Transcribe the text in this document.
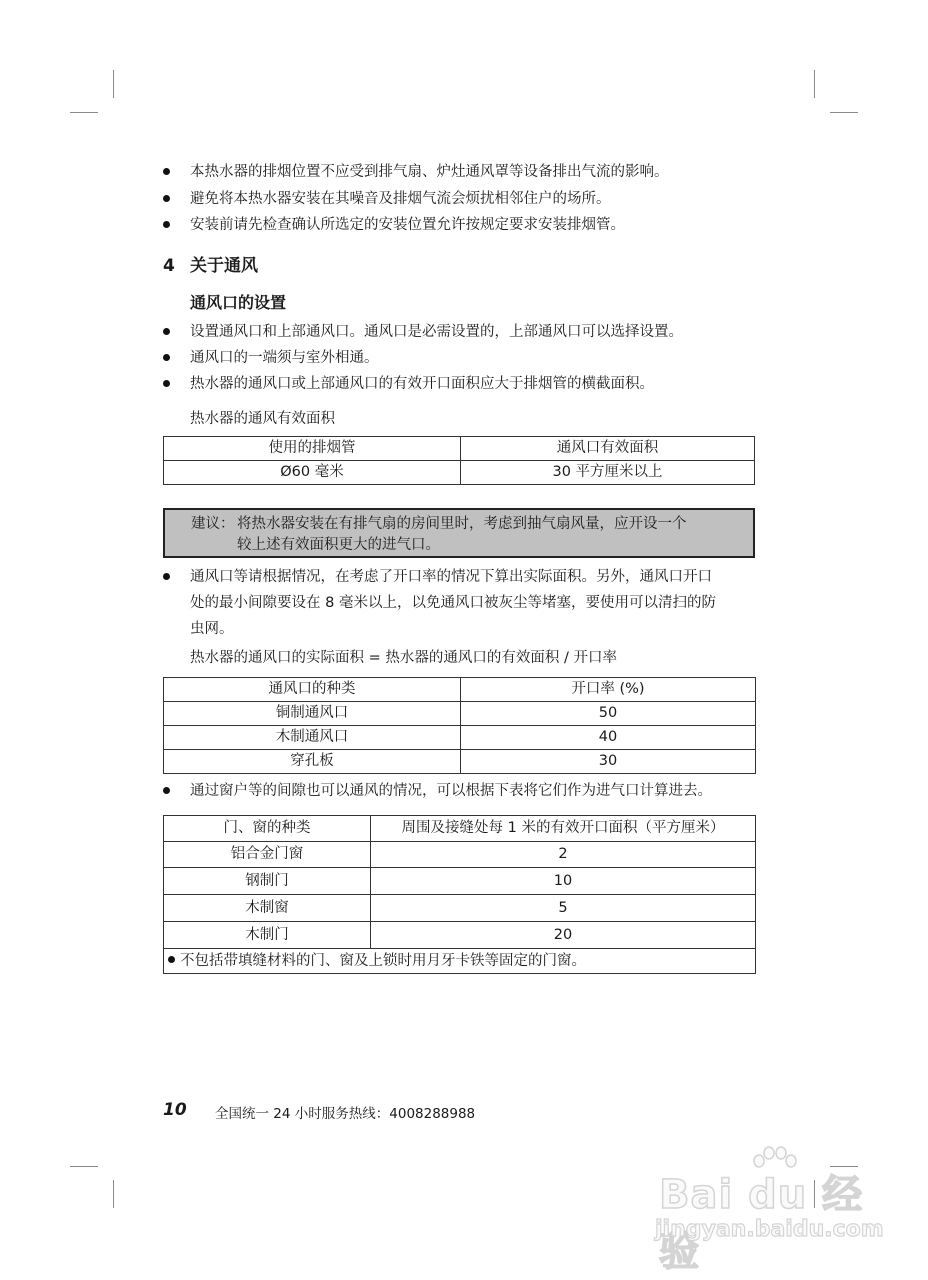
本热水器的排烟位置不应受到排气扇、炉灶通风罩等设备排出气流的影响。
避免将本热水器安装在其噪音及排烟气流会烦扰相邻住户的场所。
安装前请先检查确认所选定的安装位置允许按规定要求安装排烟管。
4 关于通风
通风口的设置
设置通风口和上部通风口。通风口是必需设置的，上部通风口可以选择设置。
通风口的一端须与室外相通。
热水器的通风口或上部通风口的有效开口面积应大于排烟管的横截面积。
热水器的通风有效面积
使用的排烟管	通风口有效面积
Ø60 毫米	30 平方厘米以上
建议： 将热水器安装在有排气扇的房间里时，考虑到抽气扇风量，应开设一个
较上述有效面积更大的进气口。
通风口等请根据情况，在考虑了开口率的情况下算出实际面积。另外，通风口开口
处的最小间隙要设在 8 毫米以上，以免通风口被灰尘等堵塞，要使用可以清扫的防
虫网。
热水器的通风口的实际面积 = 热水器的通风口的有效面积 / 开口率
通风口的种类	开口率 (%)
铜制通风口	50
木制通风口	40
穿孔板	30
通过窗户等的间隙也可以通风的情况，可以根据下表将它们作为进气口计算进去。
门、窗的种类	周围及接缝处每 1 米的有效开口面积（平方厘米）
铝合金门窗	2
钢制门	10
木制窗	5
木制门	20
不包括带填缝材料的门、窗及上锁时用月牙卡铁等固定的门窗。	
10 全国统一 24 小时服务热线：4008288988
Bai du 经验
jingyan.baidu.com
